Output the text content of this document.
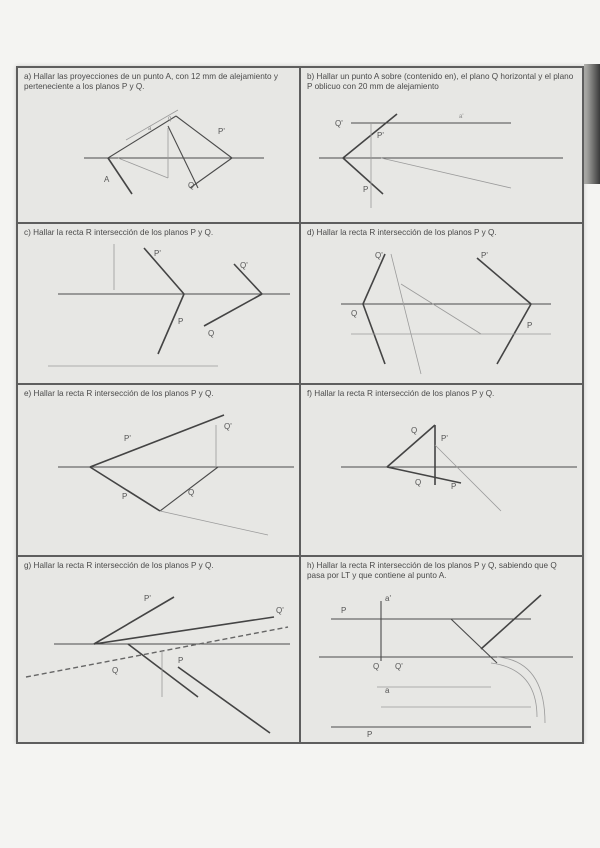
a) Hallar las proyecciones de un punto A, con 12 mm de alejamiento y perteneciente a los planos P y Q.
P'
A
Q
a
q
b) Hallar un punto A sobre (contenido en), el plano Q horizontal y el plano P oblicuo con 20 mm de alejamiento
Q'
P'
P
a'
c) Hallar la recta R intersección de los planos P y Q.
P'
Q'
P
Q
d) Hallar la recta R intersección de los planos P y Q.
Q'	P'
Q
P
e) Hallar la recta R intersección de los planos P y Q.
P'
Q'
P	Q
f) Hallar la recta R intersección de los planos P y Q.
Q
P'
Q	P
g) Hallar la recta R intersección de los planos P y Q.
P'
Q'
Q
P
h) Hallar la recta R intersección de los planos P y Q, sabiendo que Q pasa por LT y que contiene al punto A.
P
a'
Q Q'
a
P
